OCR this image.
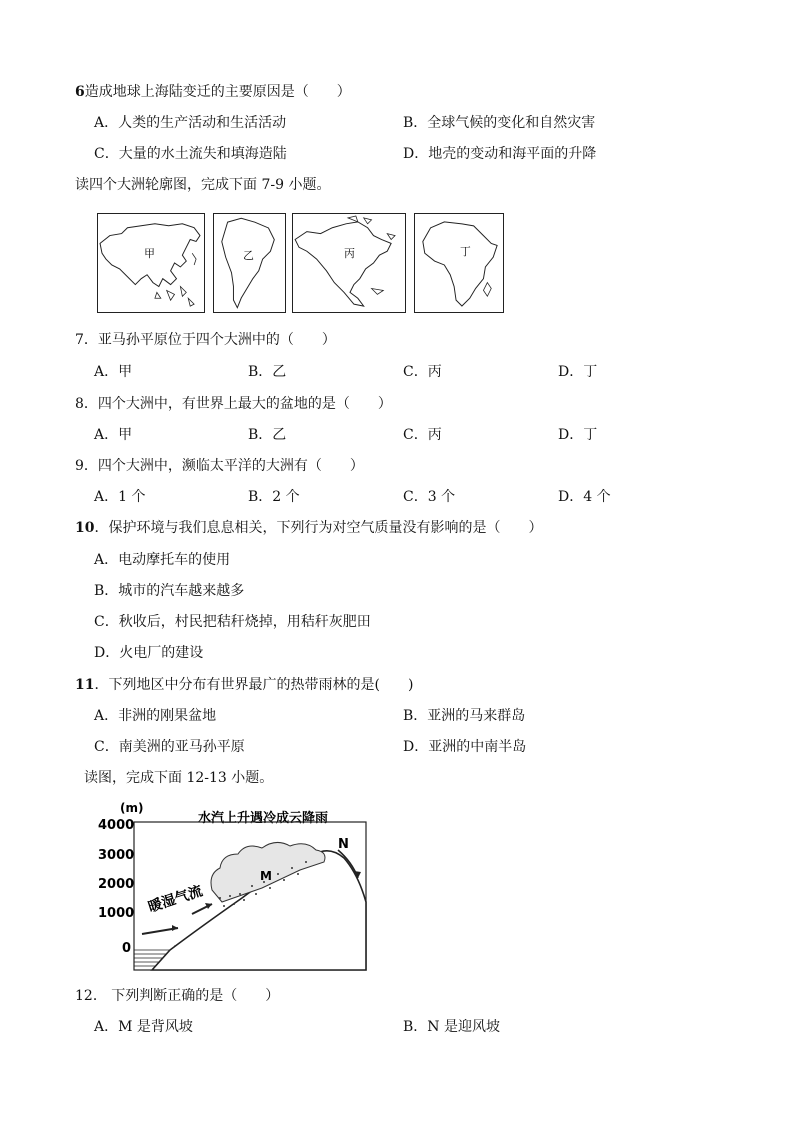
6造成地球上海陆变迁的主要原因是（　　）
A．人类的生产活动和生活活动	B．全球气候的变化和自然灾害
C．大量的水土流失和填海造陆	D．地壳的变动和海平面的升降
读四个大洲轮廓图，完成下面 7-9 小题。
甲	乙	丙	丁
7．亚马孙平原位于四个大洲中的（　　）
A．甲	B．乙	C．丙	D．丁
8．四个大洲中，有世界上最大的盆地的是（　　）
A．甲	B．乙	C．丙	D．丁
9．四个大洲中，濒临太平洋的大洲有（　　）
A．1 个	B．2 个	C．3 个	D．4 个
10．保护环境与我们息息相关，下列行为对空气质量没有影响的是（　　）
A．电动摩托车的使用
B．城市的汽车越来越多
C．秋收后，村民把秸秆烧掉，用秸秆灰肥田
D．火电厂的建设
11．下列地区中分布有世界最广的热带雨林的是(　　)
A．非洲的刚果盆地	B．亚洲的马来群岛
C．南美洲的亚马孙平原	D．亚洲的中南半岛
读图，完成下面 12-13 小题。
(m)
水汽上升遇冷成云降雨
4000
3000
2000
1000
0
暖湿气流
M
N
12． 下列判断正确的是（　　）
A．M 是背风坡	B．N 是迎风坡
